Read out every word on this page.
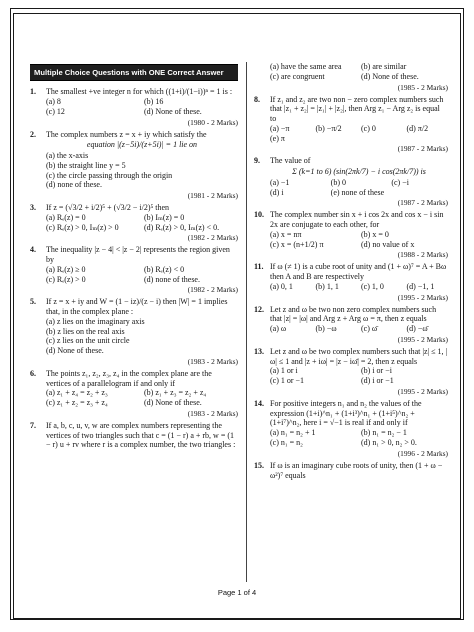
Multiple Choice Questions with ONE Correct Answer
1.	The smallest +ve integer n for which ((1+i)/(1−i))ⁿ = 1 is :
(a) 8	(b) 16
(c) 12	(d) None of these.
(1980 - 2 Marks)
2.	The complex numbers z = x + iy which satisfy the
equation |(z−5i)/(z+5i)| = 1 lie on
(a) the x-axis
(b) the straight line y = 5
(c) the circle passing through the origin
(d) none of these.
(1981 - 2 Marks)
3.	If z = (√3/2 + i/2)⁵ + (√3/2 − i/2)⁵ then
(a) Rₑ(z) = 0	(b) Iₘ(z) = 0
(c) Rₑ(z) > 0, Iₘ(z) > 0	(d) Rₑ(z) > 0, Iₘ(z) < 0.
(1982 - 2 Marks)
4.	The inequality |z − 4| < |z − 2| represents the region given by
(a) Rₑ(z) ≥ 0	(b) Rₑ(z) < 0
(c) Rₑ(z) > 0	(d) none of these.
(1982 - 2 Marks)
5.	If z = x + iy and W = (1 − iz)/(z − i) then |W| = 1 implies that, in the complex plane :
(a) z lies on the imaginary axis
(b) z lies on the real axis
(c) z lies on the unit circle
(d) None of these.
(1983 - 2 Marks)
6.	The points z₁, z₂, z₃, z₄ in the complex plane are the vertices of a parallelogram if and only if
(a) z₁ + z₄ = z₂ + z₃	(b) z₁ + z₃ = z₂ + z₄
(c) z₁ + z₂ = z₃ + z₄	(d) None of these.
(1983 - 2 Marks)
7.	If a, b, c, u, v, w are complex numbers representing the vertices of two triangles such that c = (1 − r) a + rb, w = (1 − r) u + rv where r is a complex number, the two triangles :
(a) have the same area	(b) are similar
(c) are congruent	(d) None of these.
(1985 - 2 Marks)
8.	If z₁ and z₂ are two non − zero complex numbers such that |z₁ + z₂| = |z₁| + |z₂|, then Arg z₁ − Arg z₂ is equal to
(a) −π	(b) −π/2	(c) 0	(d) π/2
(e) π
(1987 - 2 Marks)
9.	The value of
Σ (k=1 to 6) (sin(2πk/7) − i cos(2πk/7)) is
(a) −1	(b) 0	(c) −i
(d) i	(e) none of these
(1987 - 2 Marks)
10. The complex number sin x + i cos 2x and cos x − i sin 2x are conjugate to each other, for
(a) x = nπ	(b) x = 0
(c) x = (n+1/2) π	(d) no value of x
(1988 - 2 Marks)
11. If ω (≠ 1) is a cube root of unity and (1 + ω)⁷ = A + Bω then A and B are respectively
(a) 0, 1	(b) 1, 1	(c) 1, 0	(d) −1, 1
(1995 - 2 Marks)
12. Let z and ω be two non zero complex numbers such that |z| = |ω| and Arg z + Arg ω = π, then z equals
(a) ω	(b) −ω	(c) ω̄	(d) −ω̄
(1995 - 2 Marks)
13. Let z and ω be two complex numbers such that |z| ≤ 1, |ω| ≤ 1 and |z + iω| = |z − iω̄| = 2, then z equals
(a) 1 or i	(b) i or −i
(c) 1 or −1	(d) i or −1
(1995 - 2 Marks)
14. For positive integers n₁ and n₂ the values of the expression (1+i)^n₁ + (1+i³)^n₁ + (1+i⁵)^n₂ + (1+i⁷)^n₂, here i = √−1 is real if and only if
(a) n₁ = n₂ + 1	(b) n₁ = n₂ − 1
(c) n₁ = n₂	(d) n₁ > 0, n₂ > 0.
(1996 - 2 Marks)
15. If ω is an imaginary cube roots of unity, then (1 + ω − ω²)⁷ equals
Page 1 of 4
